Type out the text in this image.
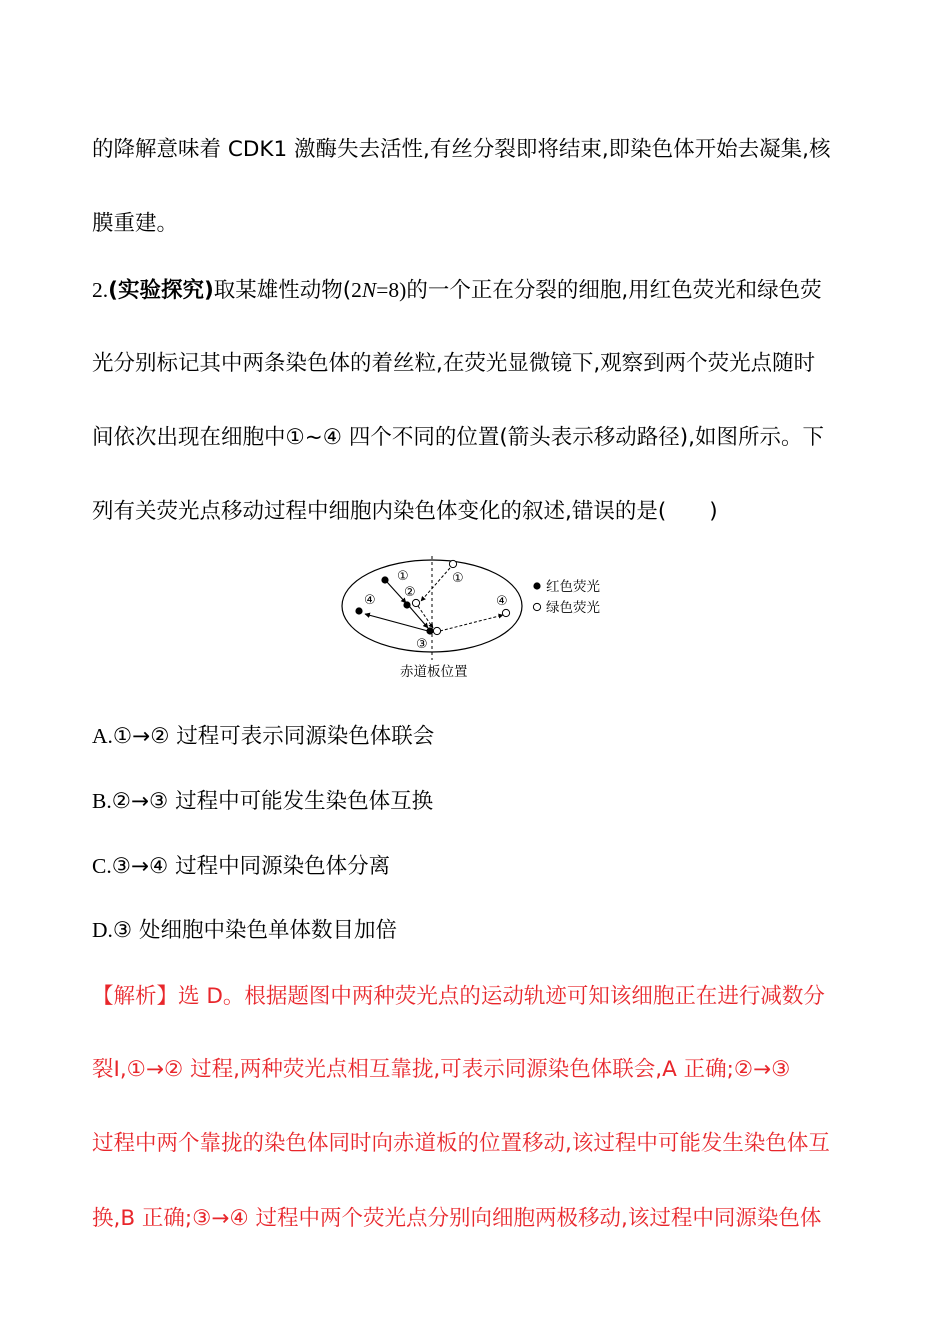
的降解意味着 CDK1 激酶失去活性,有丝分裂即将结束,即染色体开始去凝集,核
膜重建。
2.(实验探究)取某雄性动物(2N=8)的一个正在分裂的细胞,用红色荧光和绿色荧
光分别标记其中两条染色体的着丝粒,在荧光显微镜下,观察到两个荧光点随时
间依次出现在细胞中①~④ 四个不同的位置(箭头表示移动路径),如图所示。下
列有关荧光点移动过程中细胞内染色体变化的叙述,错误的是(　　)
①
②
③
④
①
④
红色荧光
绿色荧光
赤道板位置
A.①→② 过程可表示同源染色体联会
B.②→③ 过程中可能发生染色体互换
C.③→④ 过程中同源染色体分离
D.③ 处细胞中染色单体数目加倍
【解析】选 D。根据题图中两种荧光点的运动轨迹可知该细胞正在进行减数分
裂Ⅰ,①→② 过程,两种荧光点相互靠拢,可表示同源染色体联会,A 正确;②→③
过程中两个靠拢的染色体同时向赤道板的位置移动,该过程中可能发生染色体互
换,B 正确;③→④ 过程中两个荧光点分别向细胞两极移动,该过程中同源染色体
